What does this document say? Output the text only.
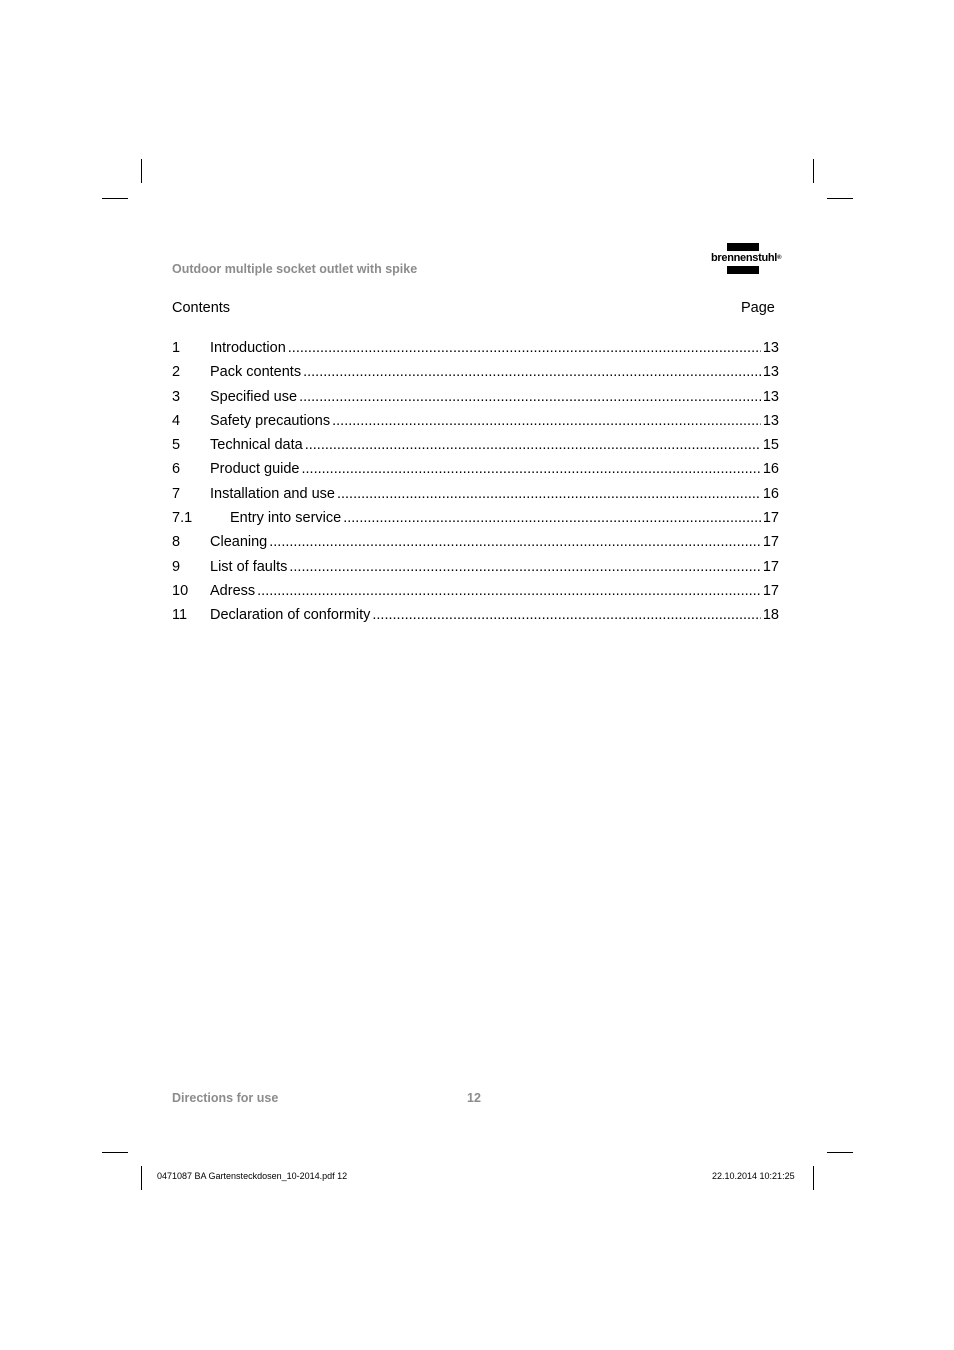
Outdoor multiple socket outlet with spike
brennenstuhl®
Contents	Page
1	Introduction .....	13
2	Pack contents .....	13
3	Specified use .....	13
4	Safety precautions .....	13
5	Technical data .....	15
6	Product guide .....	16
7	Installation and use .....	16
7.1	Entry into service .....	17
8	Cleaning .....	17
9	List of faults .....	17
10	Adress .....	17
11	Declaration of conformity .....	18
Directions for use	12
0471087 BA Gartensteckdosen_10-2014.pdf 12	22.10.2014 10:21:25
